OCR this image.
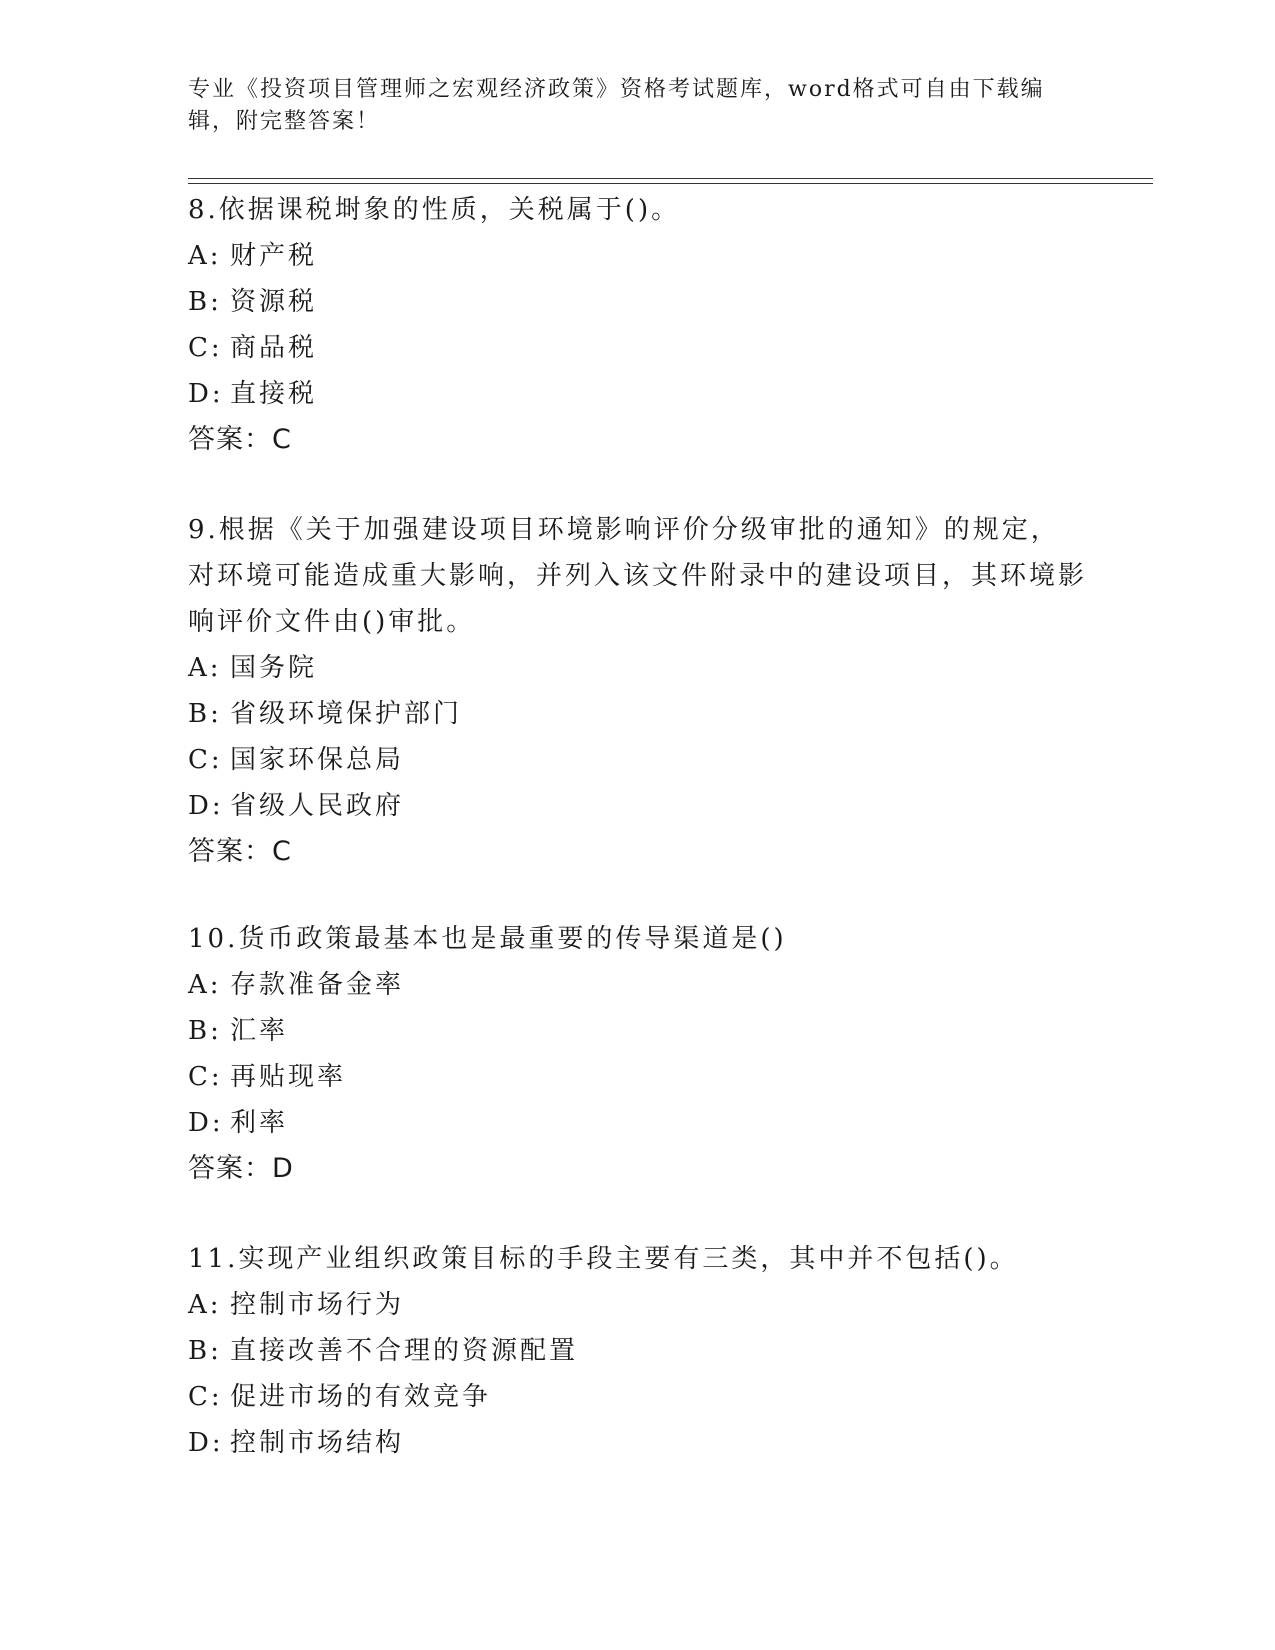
专业《投资项目管理师之宏观经济政策》资格考试题库，word格式可自由下载编辑，附完整答案！

8.依据课税埘象的性质，关税属于()。

A: 财产税

B: 资源税

C: 商品税

D: 直接税

答案：C

9.根据《关于加强建设项目环境影响评价分级审批的通知》的规定，对环境可能造成重大影响，并列入该文件附录中的建设项目，其环境影响评价文件由()审批。

A: 国务院

B: 省级环境保护部门

C: 国家环保总局

D: 省级人民政府

答案：C

10.货币政策最基本也是最重要的传导渠道是()

A: 存款准备金率

B: 汇率

C: 再贴现率

D: 利率

答案：D

11.实现产业组织政策目标的手段主要有三类，其中并不包括()。

A: 控制市场行为

B: 直接改善不合理的资源配置

C: 促进市场的有效竞争

D: 控制市场结构
